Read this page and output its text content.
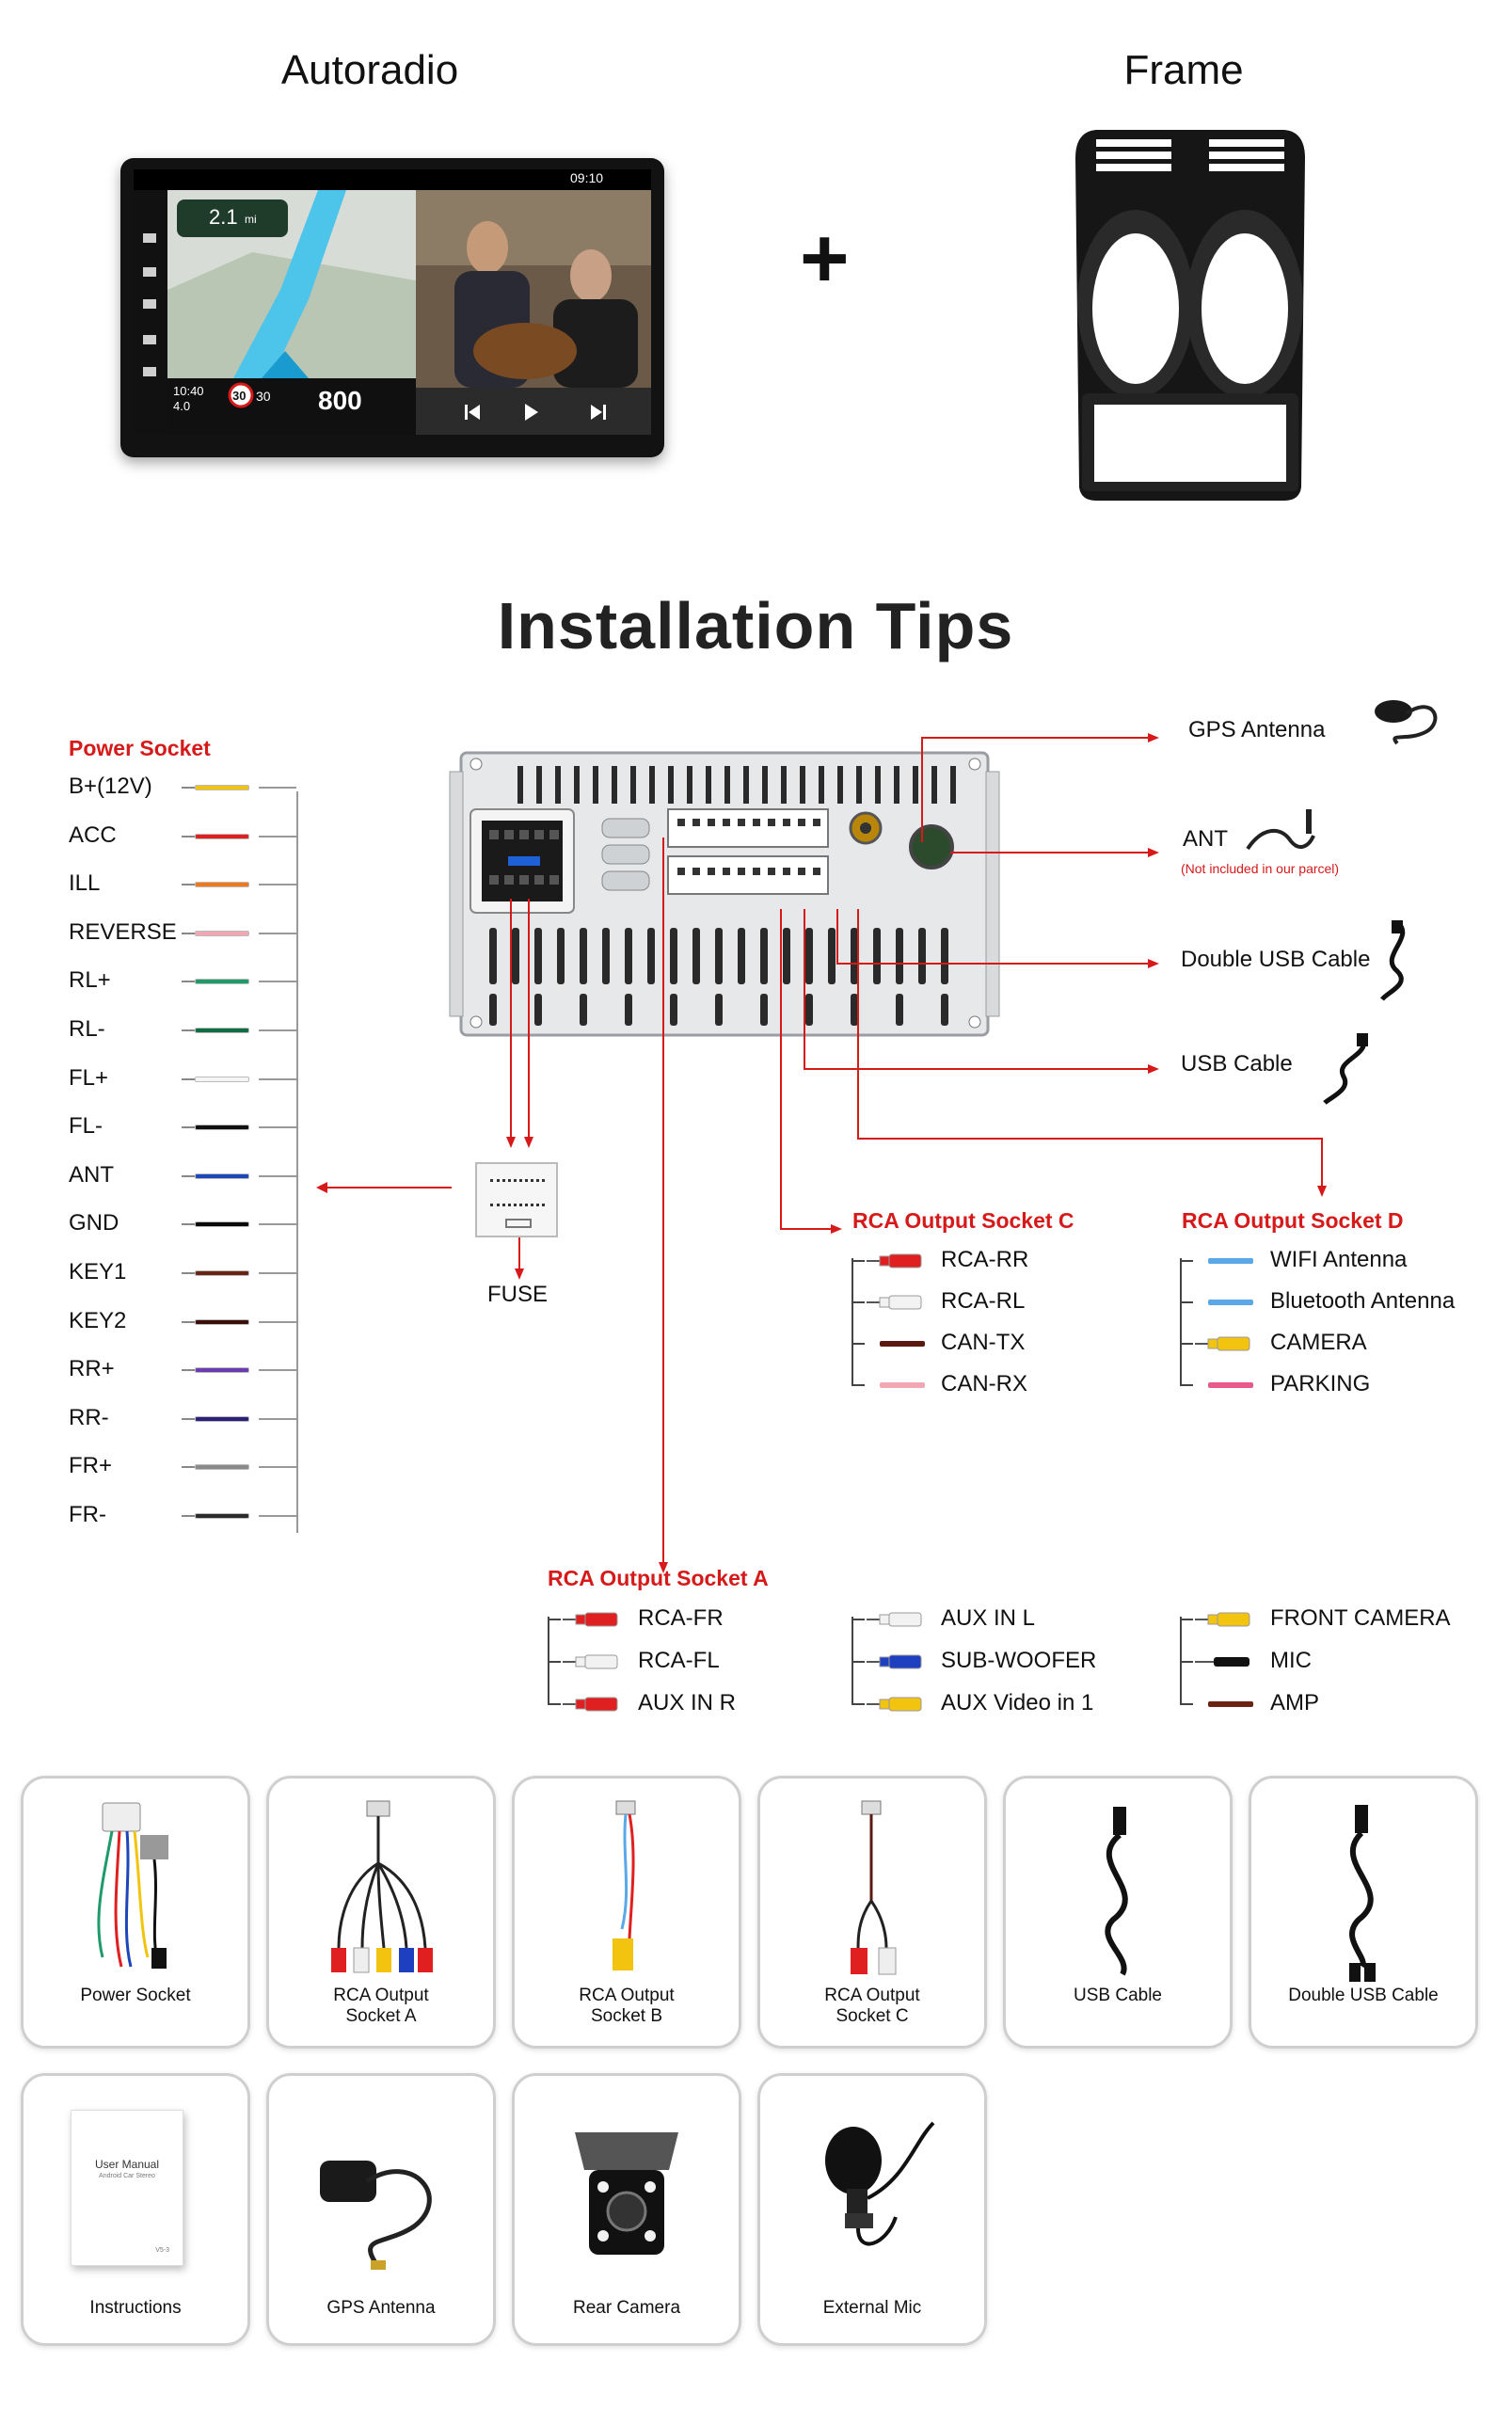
Autoradio	Frame
+
09:10
2.1 mi
10:40
4.0
30 30 800
Installation Tips
Power Socket
B+(12V)
ACC
ILL
REVERSE
RL+
RL-
FL+
FL-
ANT
GND
KEY1
KEY2
RR+
RR-
FR+
FR-
FUSE
GPS Antenna
ANT
(Not included in our parcel)
Double USB Cable
USB Cable
RCA Output Socket C
RCA-RR
RCA-RL
CAN-TX
CAN-RX
RCA Output Socket D
WIFI Antenna
Bluetooth Antenna
CAMERA
PARKING
RCA Output Socket A
RCA-FR
RCA-FL
AUX IN R
AUX IN L
SUB-WOOFER
AUX Video in 1
FRONT CAMERA
MIC
AMP
Power Socket	RCA Output
Socket A
RCA Output
Socket B
RCA Output
Socket C
USB Cable	Double USB Cable
User Manual
Android Car Stereo
V5-3
Instructions	GPS Antenna	Rear Camera	External Mic
